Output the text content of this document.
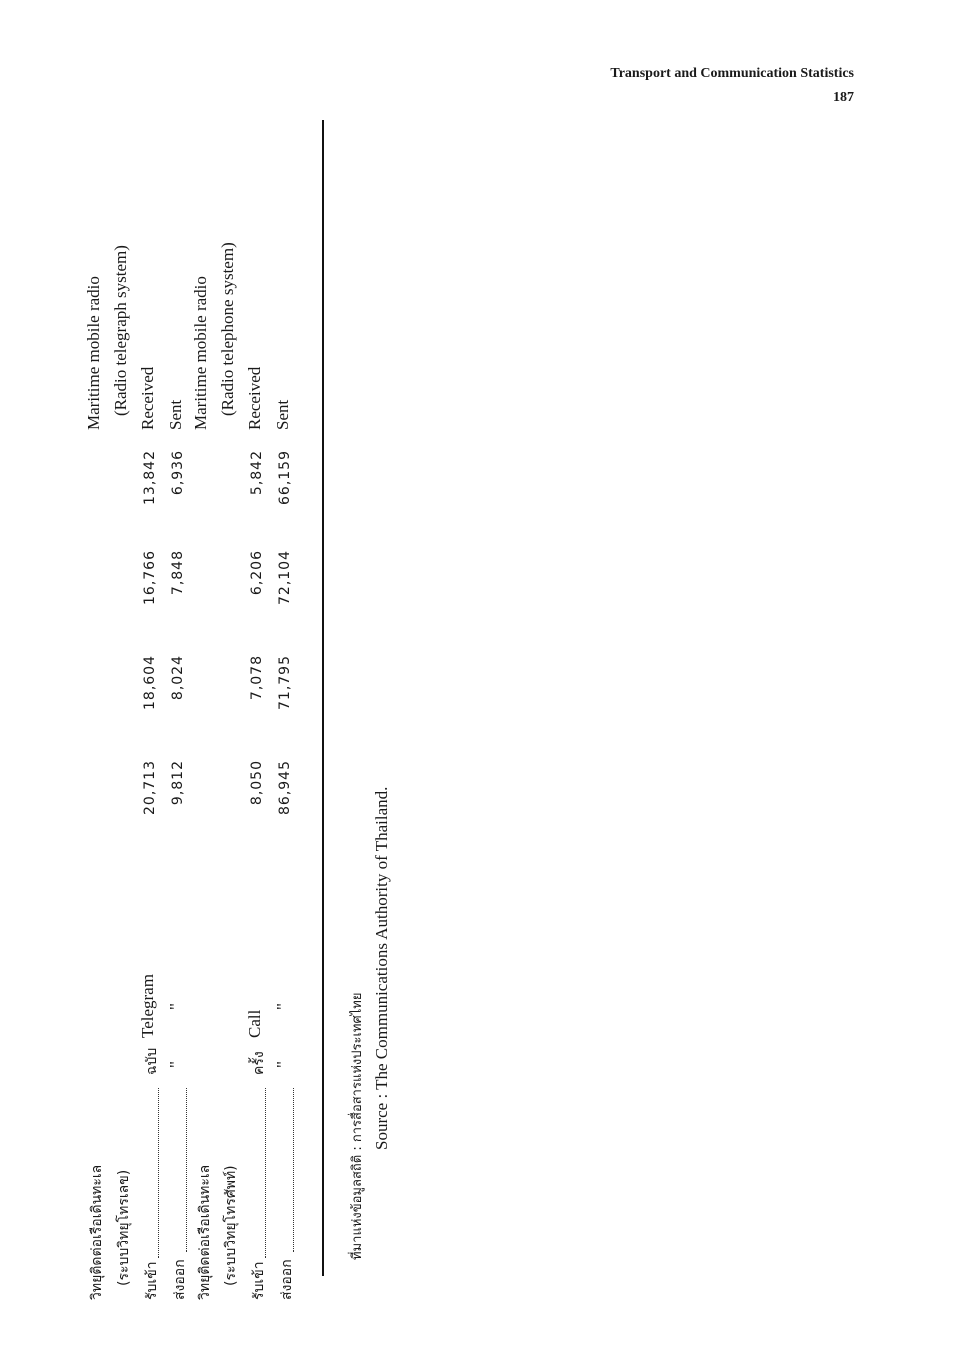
Transport and Communication Statistics
187
วิทยุติดต่อเรือเดินทะเล
Maritime mobile radio
(ระบบวิทยุโทรเลข)
(Radio telegraph system)
รับเข้า
ฉบับ
Telegram
20,713
18,604
16,766
13,842
Received
ส่งออก
"
"
9,812
8,024
7,848
6,936
Sent
วิทยุติดต่อเรือเดินทะเล
Maritime mobile radio
(ระบบวิทยุโทรศัพท์)
(Radio telephone system)
รับเข้า
ครั้ง
Call
8,050
7,078
6,206
5,842
Received
ส่งออก
"
"
86,945
71,795
72,104
66,159
Sent
ที่มาแห่งข้อมูลสถิติ : การสื่อสารแห่งประเทศไทย Source : The Communications Authority of Thailand.
